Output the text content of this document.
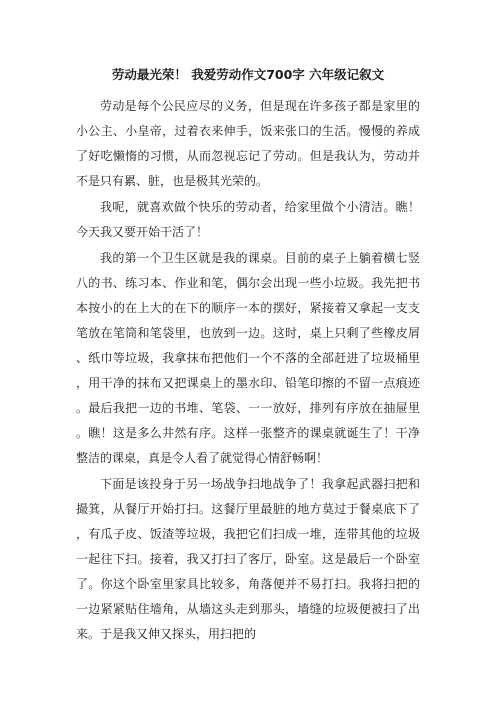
劳动最光荣！ 我爱劳动作文700字 六年级记叙文

劳动是每个公民应尽的义务，但是现在许多孩子都是家里的小公主、小皇帝，过着衣来伸手，饭来张口的生活。慢慢的养成了好吃懒惰的习惯，从而忽视忘记了劳动。但是我认为，劳动并不是只有累、脏，也是极其光荣的。

我呢，就喜欢做个快乐的劳动者，给家里做个小清洁。瞧！今天我又要开始干活了！

我的第一个卫生区就是我的课桌。目前的桌子上躺着横七竖八的书、练习本、作业和笔，偶尔会出现一些小垃圾。我先把书本按小的在上大的在下的顺序一本的摆好，紧接着又拿起一支支笔放在笔筒和笔袋里，也放到一边。这时，桌上只剩了些橡皮屑、纸巾等垃圾，我拿抹布把他们一个不落的全部赶进了垃圾桶里，用干净的抹布又把课桌上的墨水印、铅笔印擦的不留一点痕迹。最后我把一边的书堆、笔袋、一一放好，排列有序放在抽屉里。瞧！这是多么井然有序。这样一张整齐的课桌就诞生了！干净整洁的课桌，真是令人看了就觉得心情舒畅啊！

下面是该投身于另一场战争扫地战争了！我拿起武器扫把和撮箕，从餐厅开始打扫。这餐厅里最脏的地方莫过于餐桌底下了，有瓜子皮、饭渣等垃圾，我把它们扫成一堆，连带其他的垃圾一起往下扫。接着，我又打扫了客厅，卧室。这是最后一个卧室了。你这个卧室里家具比较多，角落便并不易打扫。我将扫把的一边紧紧贴住墙角，从墙这头走到那头，墙缝的垃圾便被扫了出来。于是我又伸又探头，用扫把的
